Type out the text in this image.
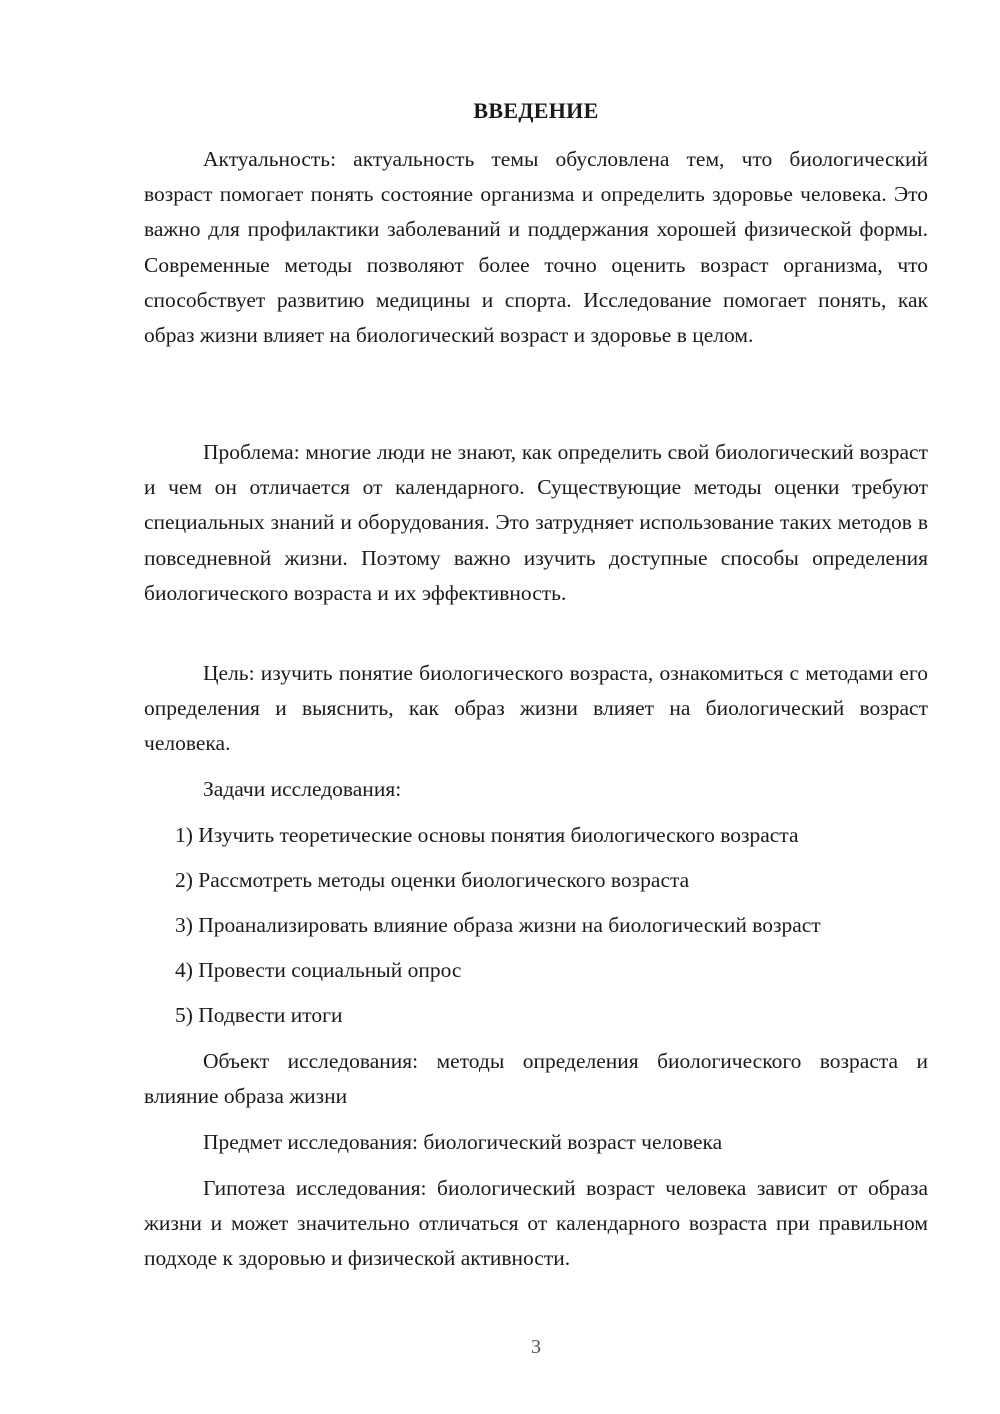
ВВЕДЕНИЕ

Актуальность: актуальность темы обусловлена тем, что биологический возраст помогает понять состояние организма и определить здоровье человека. Это важно для профилактики заболеваний и поддержания хорошей физической формы. Современные методы позволяют более точно оценить возраст организма, что способствует развитию медицины и спорта. Исследование помогает понять, как образ жизни влияет на биологический возраст и здоровье в целом.

Проблема: многие люди не знают, как определить свой биологический возраст и чем он отличается от календарного. Существующие методы оценки требуют специальных знаний и оборудования. Это затрудняет использование таких методов в повседневной жизни. Поэтому важно изучить доступные способы определения биологического возраста и их эффективность.

Цель: изучить понятие биологического возраста, ознакомиться с методами его определения и выяснить, как образ жизни влияет на биологический возраст человека.

Задачи исследования:

1) Изучить теоретические основы понятия биологического возраста

2) Рассмотреть методы оценки биологического возраста

3) Проанализировать влияние образа жизни на биологический возраст

4) Провести социальный опрос

5) Подвести итоги

Объект исследования: методы определения биологического возраста и влияние образа жизни

Предмет исследования: биологический возраст человека

Гипотеза исследования: биологический возраст человека зависит от образа жизни и может значительно отличаться от календарного возраста при правильном подходе к здоровью и физической активности.

3
